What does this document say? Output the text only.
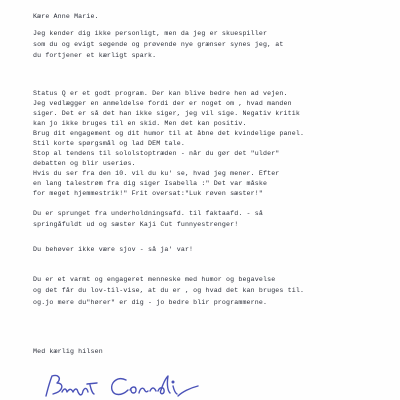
Kære Anne Marie.
Jeg kender dig ikke personligt, men da jeg er skuespiller
som du og evigt søgende og prøvende nye grænser synes jeg, at
du fortjener et kærligt spark.
Status Q er et godt program. Der kan blive bedre hen ad vejen.
Jeg vedlægger en anmeldelse fordi der er noget om , hvad manden
siger. Det er så det han ikke siger, jeg vil sige. Negativ kritik
kan jo ikke bruges til en skid. Men det kan positiv.
Brug dit engagement og dit humor til at åbne det kvindelige panel.
Stil korte spørgsmål og lad DEM tale.
Stop al tendens til sololstoptræden - når du gør det "ulder"
debatten og blir useriøs.
Hvis du ser fra den 10. vil du ku' se, hvad jeg mener. Efter
en lang talestrøm fra dig siger Isabella :" Det var måske
for meget hjemmestrik!" Frit oversat:"Luk røven sæster!"
Du er sprunget fra underholdningsafd. til faktaafd. - så
springåfuldt ud og sæster Kaji Cut funnyestrenger!
Du behøver ikke være sjov - så ja' var!
Du er et varmt og engageret menneske med humor og begavelse
og det får du lov-til-vise, at du er , og hvad det kan bruges til.
og.jo mere du"hører" er dig - jo bedre blir programmerne.
Med kærlig hilsen
